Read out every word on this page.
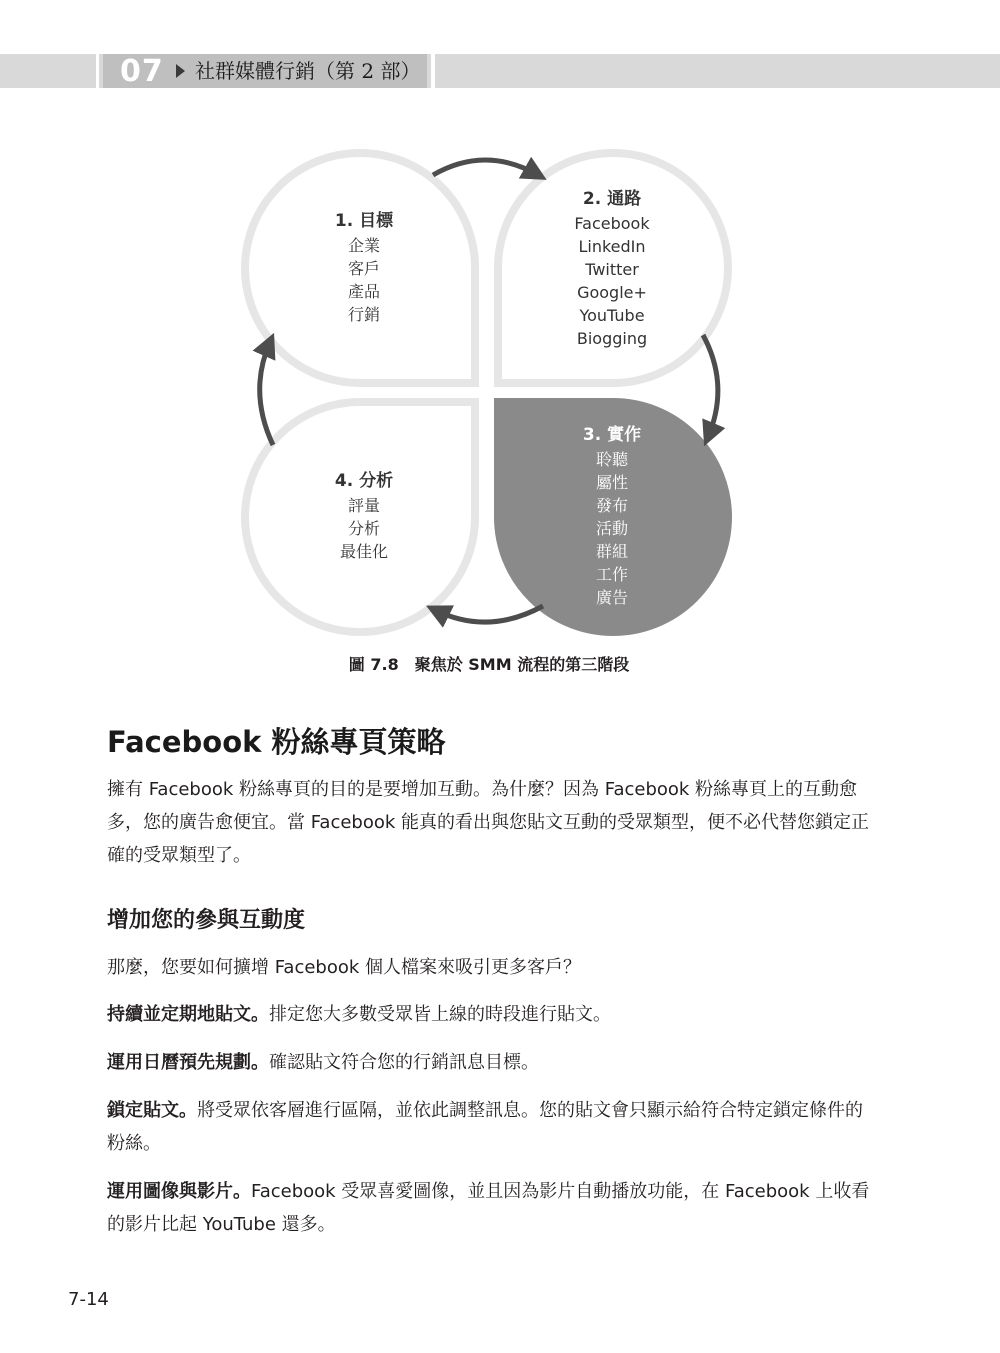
07 社群媒體行銷（第 2 部）
1. 目標
企業
客戶
產品
行銷
2. 通路
Facebook
LinkedIn
Twitter
Google+
YouTube
Biogging
3. 實作
聆聽
屬性
發布
活動
群組
工作
廣告
4. 分析
評量
分析
最佳化
圖 7.8　聚焦於 SMM 流程的第三階段
Facebook 粉絲專頁策略
擁有 Facebook 粉絲專頁的目的是要增加互動。為什麼？因為 Facebook 粉絲專頁上的互動愈多，您的廣告愈便宜。當 Facebook 能真的看出與您貼文互動的受眾類型，便不必代替您鎖定正確的受眾類型了。
增加您的參與互動度
那麼，您要如何擴增 Facebook 個人檔案來吸引更多客戶？
持續並定期地貼文。排定您大多數受眾皆上線的時段進行貼文。
運用日曆預先規劃。確認貼文符合您的行銷訊息目標。
鎖定貼文。將受眾依客層進行區隔，並依此調整訊息。您的貼文會只顯示給符合特定鎖定條件的粉絲。
運用圖像與影片。Facebook 受眾喜愛圖像，並且因為影片自動播放功能，在 Facebook 上收看的影片比起 YouTube 還多。
7-14
